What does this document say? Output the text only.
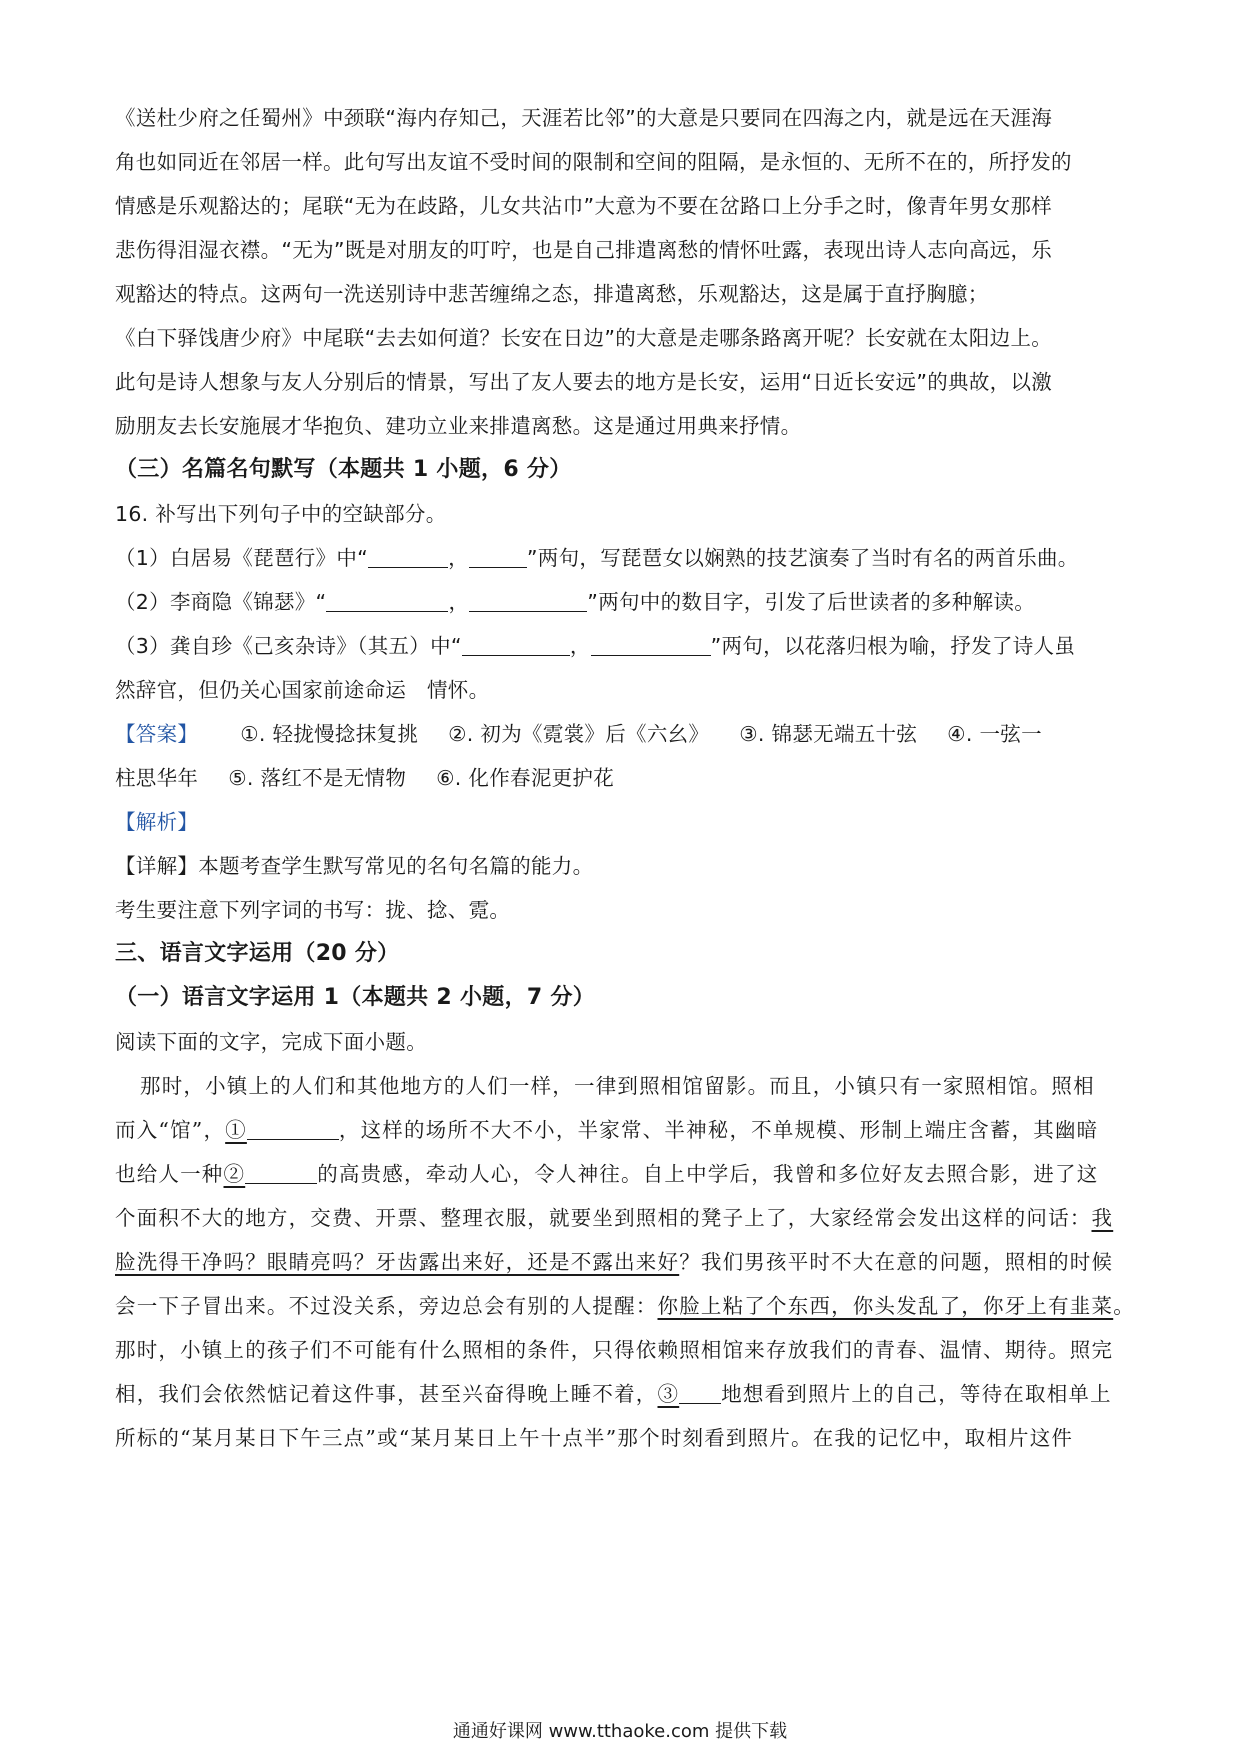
《送杜少府之任蜀州》中颈联“海内存知己，天涯若比邻”的大意是只要同在四海之内，就是远在天涯海
角也如同近在邻居一样。此句写出友谊不受时间的限制和空间的阻隔，是永恒的、无所不在的，所抒发的
情感是乐观豁达的；尾联“无为在歧路，儿女共沾巾”大意为不要在岔路口上分手之时，像青年男女那样
悲伤得泪湿衣襟。“无为”既是对朋友的叮咛，也是自己排遣离愁的情怀吐露，表现出诗人志向高远，乐
观豁达的特点。这两句一洗送别诗中悲苦缠绵之态，排遣离愁，乐观豁达，这是属于直抒胸臆；
《白下驿饯唐少府》中尾联“去去如何道？长安在日边”的大意是走哪条路离开呢？长安就在太阳边上。
此句是诗人想象与友人分别后的情景，写出了友人要去的地方是长安，运用“日近长安远”的典故，以激
励朋友去长安施展才华抱负、建功立业来排遣离愁。这是通过用典来抒情。
（三）名篇名句默写（本题共 1 小题，6 分）
16. 补写出下列句子中的空缺部分。
（1）白居易《琵琶行》中“	，	”两句，写琵琶女以娴熟的技艺演奏了当时有名的两首乐曲。
（2）李商隐《锦瑟》“	，	”两句中的数目字，引发了后世读者的多种解读。
（3）龚自珍《己亥杂诗》（其五）中“	，	”两句，以花落归根为喻，抒发了诗人虽
然辞官，但仍关心国家前途命运　情怀。
【答案】 ①. 轻拢慢捻抹复挑 ②. 初为《霓裳》后《六幺》 ③. 锦瑟无端五十弦 ④. 一弦一
柱思华年 ⑤. 落红不是无情物 ⑥. 化作春泥更护花
【解析】
【详解】本题考查学生默写常见的名句名篇的能力。
考生要注意下列字词的书写：拢、捻、霓。
三、语言文字运用（20 分）
（一）语言文字运用 1（本题共 2 小题，7 分）
阅读下面的文字，完成下面小题。
那时，小镇上的人们和其他地方的人们一样，一律到照相馆留影。而且，小镇只有一家照相馆。照相
而入“馆”，①	，这样的场所不大不小，半家常、半神秘，不单规模、形制上端庄含蓄，其幽暗
也给人一种②	的高贵感，牵动人心，令人神往。自上中学后，我曾和多位好友去照合影，进了这
个面积不大的地方，交费、开票、整理衣服，就要坐到照相的凳子上了，大家经常会发出这样的问话：我
脸洗得干净吗？眼睛亮吗？牙齿露出来好，还是不露出来好？我们男孩平时不大在意的问题，照相的时候
会一下子冒出来。不过没关系，旁边总会有别的人提醒：你脸上粘了个东西，你头发乱了，你牙上有韭菜。
那时，小镇上的孩子们不可能有什么照相的条件，只得依赖照相馆来存放我们的青春、温情、期待。照完
相，我们会依然惦记着这件事，甚至兴奋得晚上睡不着，③ 地想看到照片上的自己，等待在取相单上
所标的“某月某日下午三点”或“某月某日上午十点半”那个时刻看到照片。在我的记忆中，取相片这件
通通好课网 www.tthaoke.com 提供下载
